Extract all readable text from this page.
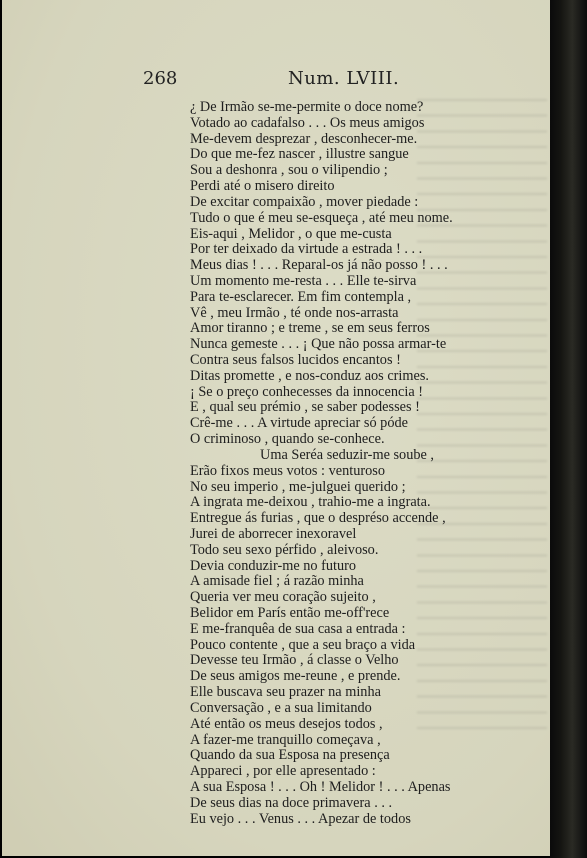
268	Num. LVIII.
¿ De Irmão se-me-permite o doce nome?
Votado ao cadafalso . . . Os meus amigos
Me-devem desprezar , desconhecer-me.
Do que me-fez nascer , illustre sangue
Sou a deshonra , sou o vilipendio ;
Perdi até o misero direito
De excitar compaixão , mover piedade :
Tudo o que é meu se-esqueça , até meu nome.
Eis-aqui , Melidor , o que me-custa
Por ter deixado da virtude a estrada ! . . .
Meus dias ! . . . Reparal-os já não posso ! . . .
Um momento me-resta . . . Elle te-sirva
Para te-esclarecer. Em fim contempla ,
Vê , meu Irmão , té onde nos-arrasta
Amor tiranno ; e treme , se em seus ferros
Nunca gemeste . . . ¡ Que não possa armar-te
Contra seus falsos lucidos encantos !
Ditas promette , e nos-conduz aos crimes.
¡ Se o preço conhecesses da innocencia !
E , qual seu prémio , se saber podesses !
Crê-me . . . A virtude apreciar só póde
O criminoso , quando se-conhece.
Uma Seréa seduzir-me soube ,
Erão fixos meus votos : venturoso
No seu imperio , me-julguei querido ;
A ingrata me-deixou , trahio-me a ingrata.
Entregue ás furias , que o despréso accende ,
Jurei de aborrecer inexoravel
Todo seu sexo pérfido , aleivoso.
Devia conduzir-me no futuro
A amisade fiel ; á razão minha
Queria ver meu coração sujeito ,
Belidor em París então me-off'rece
E me-franquêa de sua casa a entrada :
Pouco contente , que a seu braço a vida
Devesse teu Irmão , á classe o Velho
De seus amigos me-reune , e prende.
Elle buscava seu prazer na minha
Conversação , e a sua limitando
Até então os meus desejos todos ,
A fazer-me tranquillo começava ,
Quando da sua Esposa na presença
Appareci , por elle apresentado :
A sua Esposa ! . . . Oh ! Melidor ! . . . Apenas
De seus dias na doce primavera . . .
Eu vejo . . . Venus . . . Apezar de todos
